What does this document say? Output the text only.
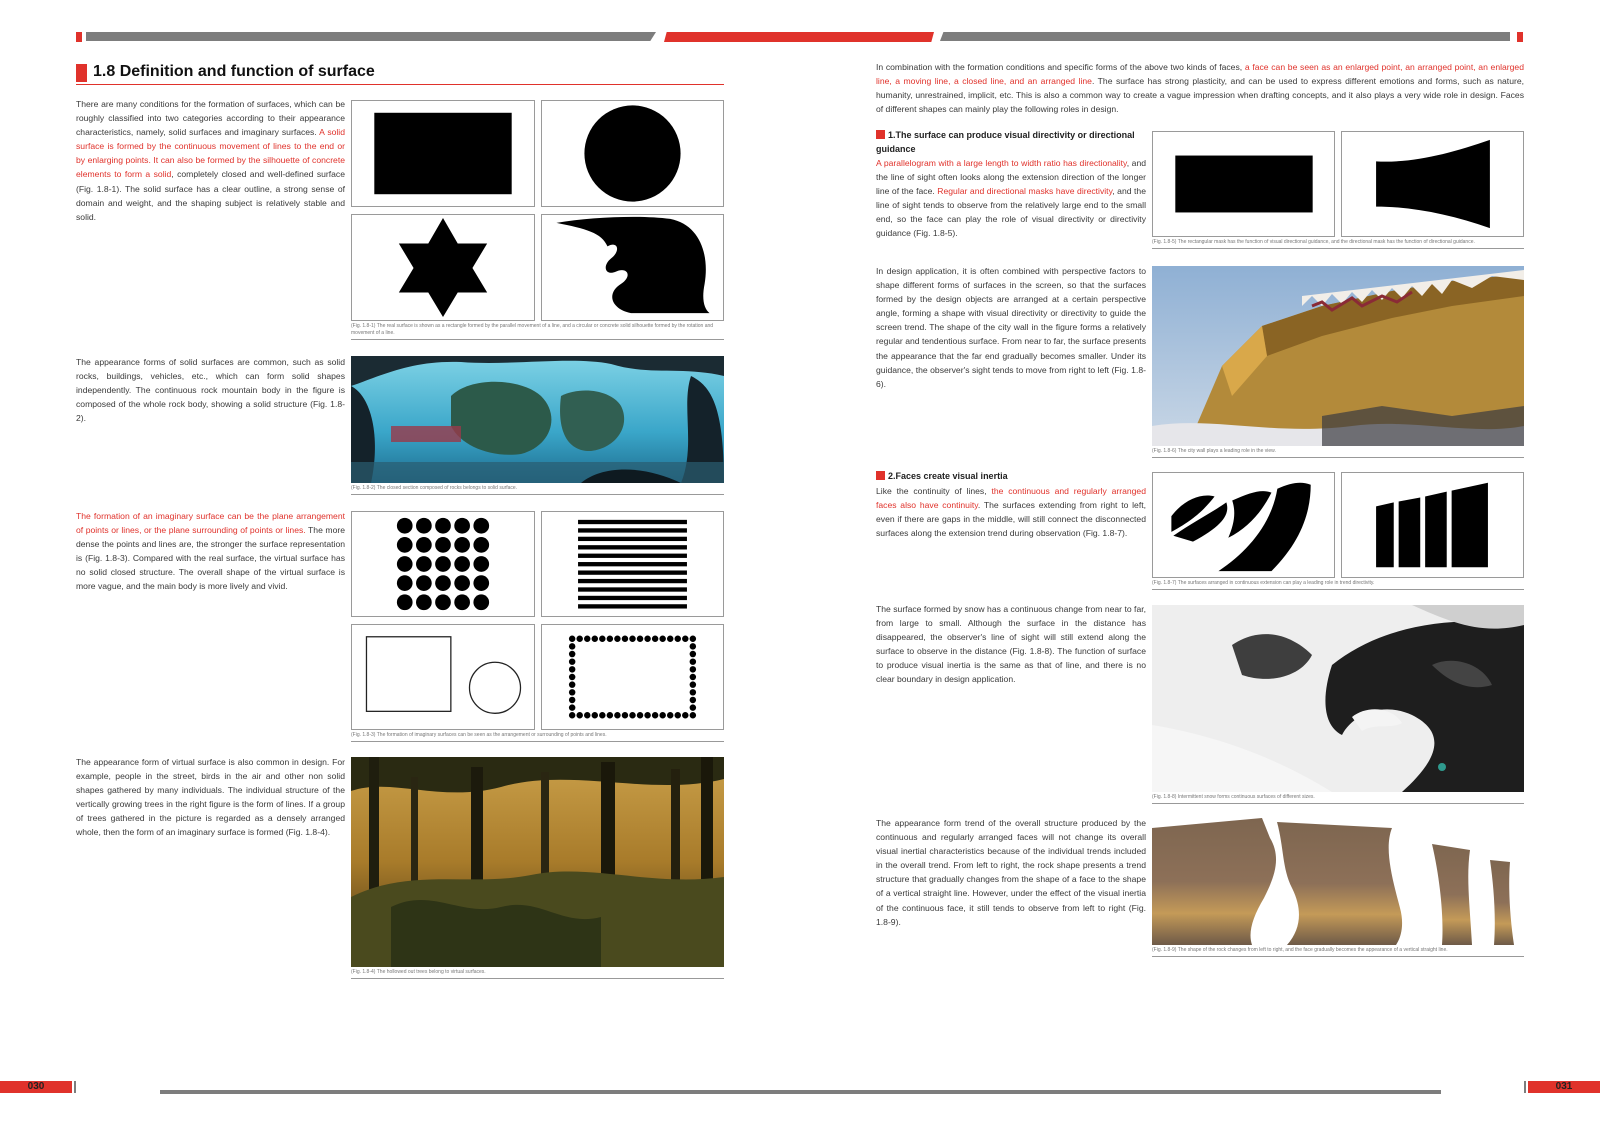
1.8 Definition and function of surface
There are many conditions for the formation of surfaces, which can be roughly classified into two categories according to their appearance characteristics, namely, solid surfaces and imaginary surfaces. A solid surface is formed by the continuous movement of lines to the end or by enlarging points. It can also be formed by the silhouette of concrete elements to form a solid, completely closed and well-defined surface (Fig. 1.8-1). The solid surface has a clear outline, a strong sense of domain and weight, and the shaping subject is relatively stable and solid.
(Fig. 1.8-1) The real surface is shown as a rectangle formed by the parallel movement of a line, and a circular or concrete solid silhouette formed by the rotation and movement of a line.
The appearance forms of solid surfaces are common, such as solid rocks, buildings, vehicles, etc., which can form solid shapes independently. The continuous rock mountain body in the figure is composed of the whole rock body, showing a solid structure (Fig. 1.8-2).
(Fig. 1.8-2) The closed section composed of rocks belongs to solid surface.
The formation of an imaginary surface can be the plane arrangement of points or lines, or the plane surrounding of points or lines. The more dense the points and lines are, the stronger the surface representation is (Fig. 1.8-3). Compared with the real surface, the virtual surface has no solid closed structure. The overall shape of the virtual surface is more vague, and the main body is more lively and vivid.
(Fig. 1.8-3) The formation of imaginary surfaces can be seen as the arrangement or surrounding of points and lines.
The appearance form of virtual surface is also common in design. For example, people in the street, birds in the air and other non solid shapes gathered by many individuals. The individual structure of the vertically growing trees in the right figure is the form of lines. If a group of trees gathered in the picture is regarded as a densely arranged whole, then the form of an imaginary surface is formed (Fig. 1.8-4).
(Fig. 1.8-4) The hollowed out trees belong to virtual surfaces.
In combination with the formation conditions and specific forms of the above two kinds of faces, a face can be seen as an enlarged point, an arranged point, an enlarged line, a moving line, a closed line, and an arranged line. The surface has strong plasticity, and can be used to express different emotions and forms, such as nature, humanity, unrestrained, implicit, etc. This is also a common way to create a vague impression when drafting concepts, and it also plays a very wide role in design. Faces of different shapes can mainly play the following roles in design.
1.The surface can produce visual directivity or directional guidance
A parallelogram with a large length to width ratio has directionality, and the line of sight often looks along the extension direction of the longer line of the face. Regular and directional masks have directivity, and the line of sight tends to observe from the relatively large end to the small end, so the face can play the role of visual directivity or directivity guidance (Fig. 1.8-5).
(Fig. 1.8-5) The rectangular mask has the function of visual directional guidance, and the directional mask has the function of directional guidance.
In design application, it is often combined with perspective factors to shape different forms of surfaces in the screen, so that the surfaces formed by the design objects are arranged at a certain perspective angle, forming a shape with visual directivity or directivity to guide the screen trend. The shape of the city wall in the figure forms a relatively regular and tendentious surface. From near to far, the surface presents the appearance that the far end gradually becomes smaller. Under its guidance, the observer's sight tends to move from right to left (Fig. 1.8-6).
(Fig. 1.8-6) The city wall plays a leading role in the view.
2.Faces create visual inertia
Like the continuity of lines, the continuous and regularly arranged faces also have continuity. The surfaces extending from right to left, even if there are gaps in the middle, will still connect the disconnected surfaces along the extension trend during observation (Fig. 1.8-7).
(Fig. 1.8-7) The surfaces arranged in continuous extension can play a leading role in trend directivity.
The surface formed by snow has a continuous change from near to far, from large to small. Although the surface in the distance has disappeared, the observer's line of sight will still extend along the surface to observe in the distance (Fig. 1.8-8). The function of surface to produce visual inertia is the same as that of line, and there is no clear boundary in design application.
(Fig. 1.8-8) Intermittent snow forms continuous surfaces of different sizes.
The appearance form trend of the overall structure produced by the continuous and regularly arranged faces will not change its overall visual inertial characteristics because of the individual trends included in the overall trend. From left to right, the rock shape presents a trend structure that gradually changes from the shape of a face to the shape of a vertical straight line. However, under the effect of the visual inertia of the continuous face, it still tends to observe from left to right (Fig. 1.8-9).
(Fig. 1.8-9) The shape of the rock changes from left to right, and the face gradually becomes the appearance of a vertical straight line.
030	031
